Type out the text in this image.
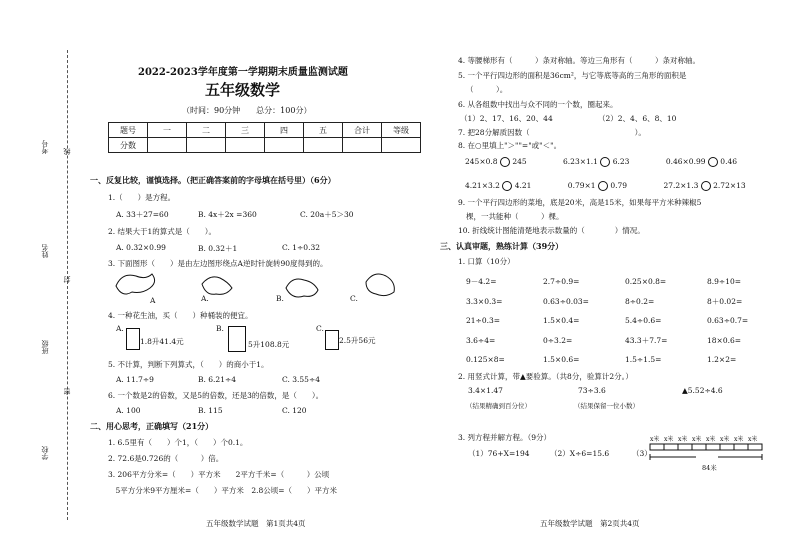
考号 线
姓名
封
班级
密
学校
2022-2023学年度第一学期期末质量监测试题
五年级数学
（时间：90分钟　　总分：100分）
题号	一	二	三	四	五	合计	等级
分数							
一、反复比较，谨慎选择。（把正确答案前的字母填在括号里）（6分）
1.（　　）是方程。
A. 33＋27=60	B. 4x＋2x =360	C. 20a＋5＞30
2. 结果大于1的算式是（　　）。
A. 0.32×0.99	B. 0.32＋1	C. 1÷0.32
3. 下面图形（　　）是由左边图形绕点A逆时针旋转90度得到的。
A	A.	B.	C.
4. 一种花生油，买（　　）种桶装的便宜。
A.
1.8升41.4元
B.
5升108.8元
C.
2.5升56元
5. 不计算，判断下列算式，（　　）的商小于1。
A. 11.7÷9	B. 6.21÷4	C. 3.55÷4
6. 一个数是2的倍数，又是5的倍数，还是3的倍数，是（　　）。
A. 100	B. 115	C. 120
二、用心思考，正确填写（21分）
1. 6.5里有（　　）个1，（　　）个0.1。
2. 72.6是0.726的（　　　）倍。
3. 206平方分米=（　　）平方米　　2平方千米=（　　　）公顷
　5平方分米9平方厘米=（　　）平方米　2.8公顷=（　　）平方米
五年级数学试题　第1页共4页
4. 等腰梯形有（　　　）条对称轴。等边三角形有（　　　）条对称轴。
5. 一个平行四边形的面积是36cm²，与它等底等高的三角形的面积是
（　　　）。
6. 从各组数中找出与众不同的一个数，圈起来。
（1）2、17、16、20、44	（2）2、4、6、8、10
7. 把28分解质因数（　　　　　　　　　　　　　　）。
8. 在○里填上"＞""="或"＜"。
245×0.8 245	6.23×1.1 6.23	0.46×0.99 0.46
4.21×3.2 4.21	0.79×1 0.79	27.2×1.3 2.72×13
9. 一个平行四边形的菜地，底是20米，高是15米，如果每平方米种辣椒5
棵，一共能种（　　　）棵。
10. 折线统计图能清楚地表示数量的（　　　　）情况。
三、认真审题，熟练计算（39分）
1. 口算（10分）
9－4.2=	2.7÷0.9=	0.25×0.8=	8.9÷10=
3.3×0.3=	0.63÷0.03=	8÷0.2=	8＋0.02=
21÷0.3=	1.5×0.4=	5.4÷0.6=	0.63÷0.7=
3.6÷4=	0÷3.2=	43.3＋7.7=	18×0.6=
0.125×8=	1.5×0.6=	1.5÷1.5=	1.2×2=
2. 用竖式计算，带▲要验算。（共8分，验算计2分。）
3.4×1.47	73÷3.6	▲5.52÷4.6
（结果精确到百分位）	（结果保留一位小数）
3. 列方程并解方程。（9分）
（1）76+X=194	（2）X÷6=15.6	（3）
x米 x米 x米 x米 x米 x米 x米 x米
84米
五年级数学试题　第2页共4页
